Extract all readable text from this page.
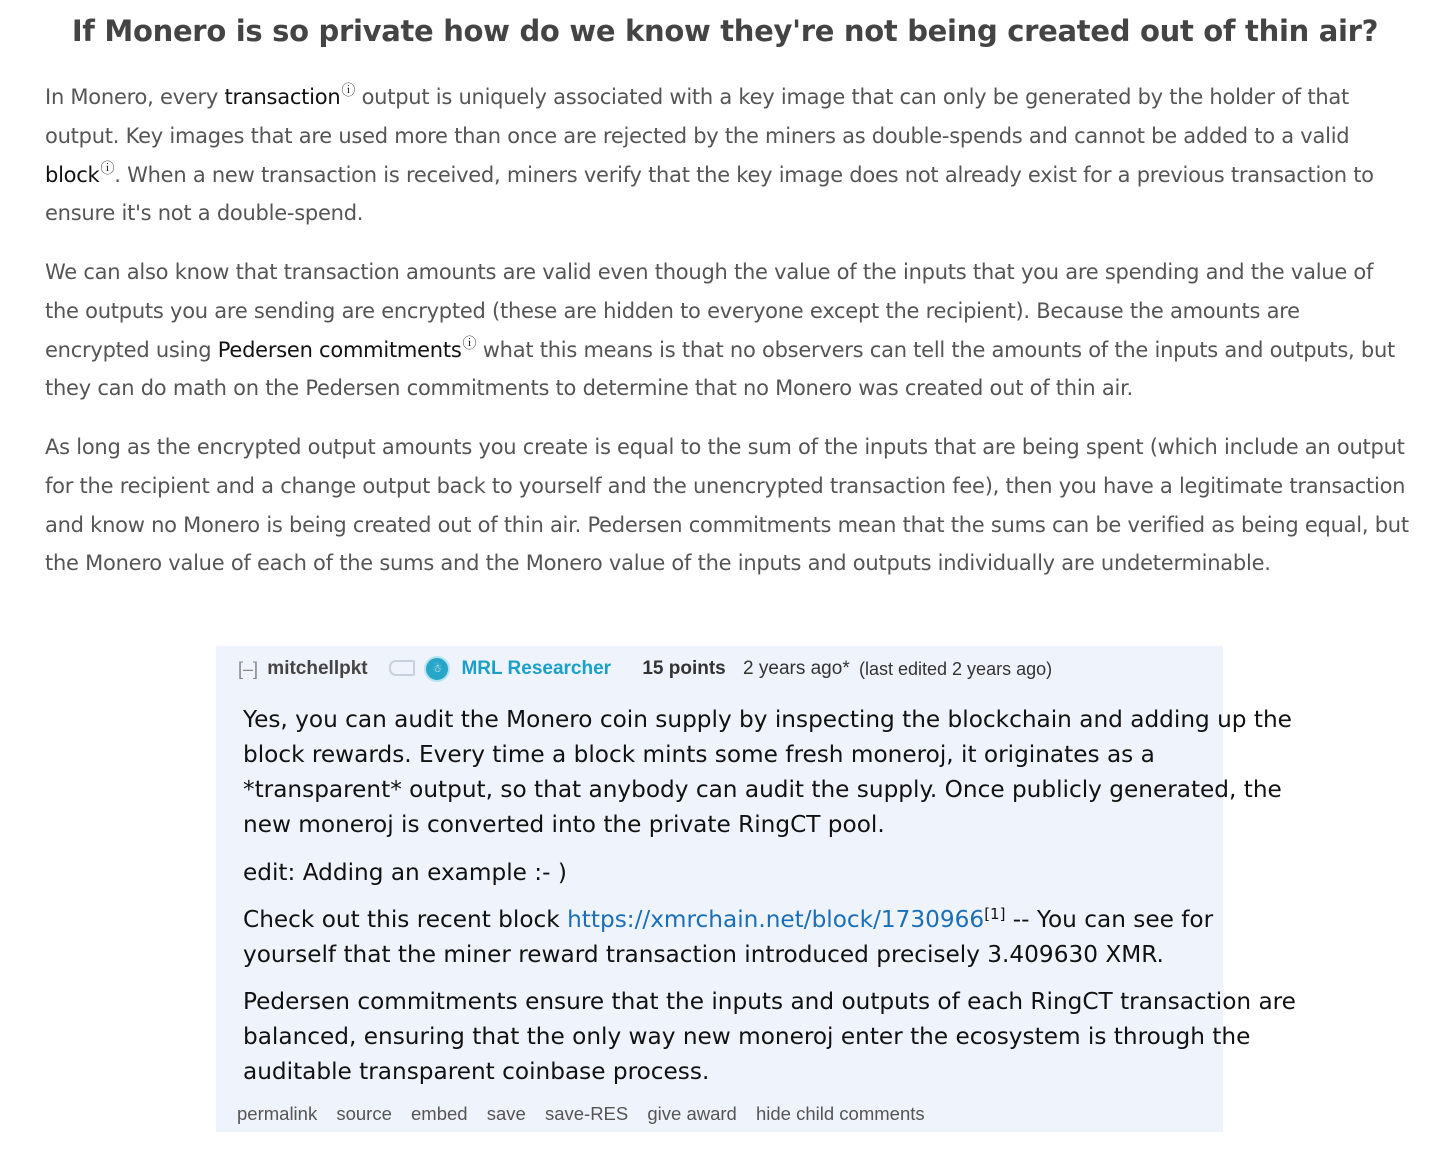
If Monero is so private how do we know they're not being created out of thin air?

In Monero, every transactionⓘ output is uniquely associated with a key image that can only be generated by the holder of that output. Key images that are used more than once are rejected by the miners as double-spends and cannot be added to a valid blockⓘ. When a new transaction is received, miners verify that the key image does not already exist for a previous transaction to ensure it's not a double-spend.

We can also know that transaction amounts are valid even though the value of the inputs that you are spending and the value of the outputs you are sending are encrypted (these are hidden to everyone except the recipient). Because the amounts are encrypted using Pedersen commitmentsⓘ what this means is that no observers can tell the amounts of the inputs and outputs, but they can do math on the Pedersen commitments to determine that no Monero was created out of thin air.

As long as the encrypted output amounts you create is equal to the sum of the inputs that are being spent (which include an output for the recipient and a change output back to yourself and the unencrypted transaction fee), then you have a legitimate transaction and know no Monero is being created out of thin air. Pedersen commitments mean that the sums can be verified as being equal, but the Monero value of each of the sums and the Monero value of the inputs and outputs individually are undeterminable.

[–] mitchellpkt	☃ MRL Researcher 15 points 2 years ago* (last edited 2 years ago)
permalink source embed save save-RES give award hide child comments

Yes, you can audit the Monero coin supply by inspecting the blockchain and adding up the
block rewards. Every time a block mints some fresh moneroj, it originates as a
*transparent* output, so that anybody can audit the supply. Once publicly generated, the
new moneroj is converted into the private RingCT pool.

edit: Adding an example :- )

Check out this recent block https://xmrchain.net/block/1730966[1] -- You can see for
yourself that the miner reward transaction introduced precisely 3.409630 XMR.

Pedersen commitments ensure that the inputs and outputs of each RingCT transaction are
balanced, ensuring that the only way new moneroj enter the ecosystem is through the
auditable transparent coinbase process.
